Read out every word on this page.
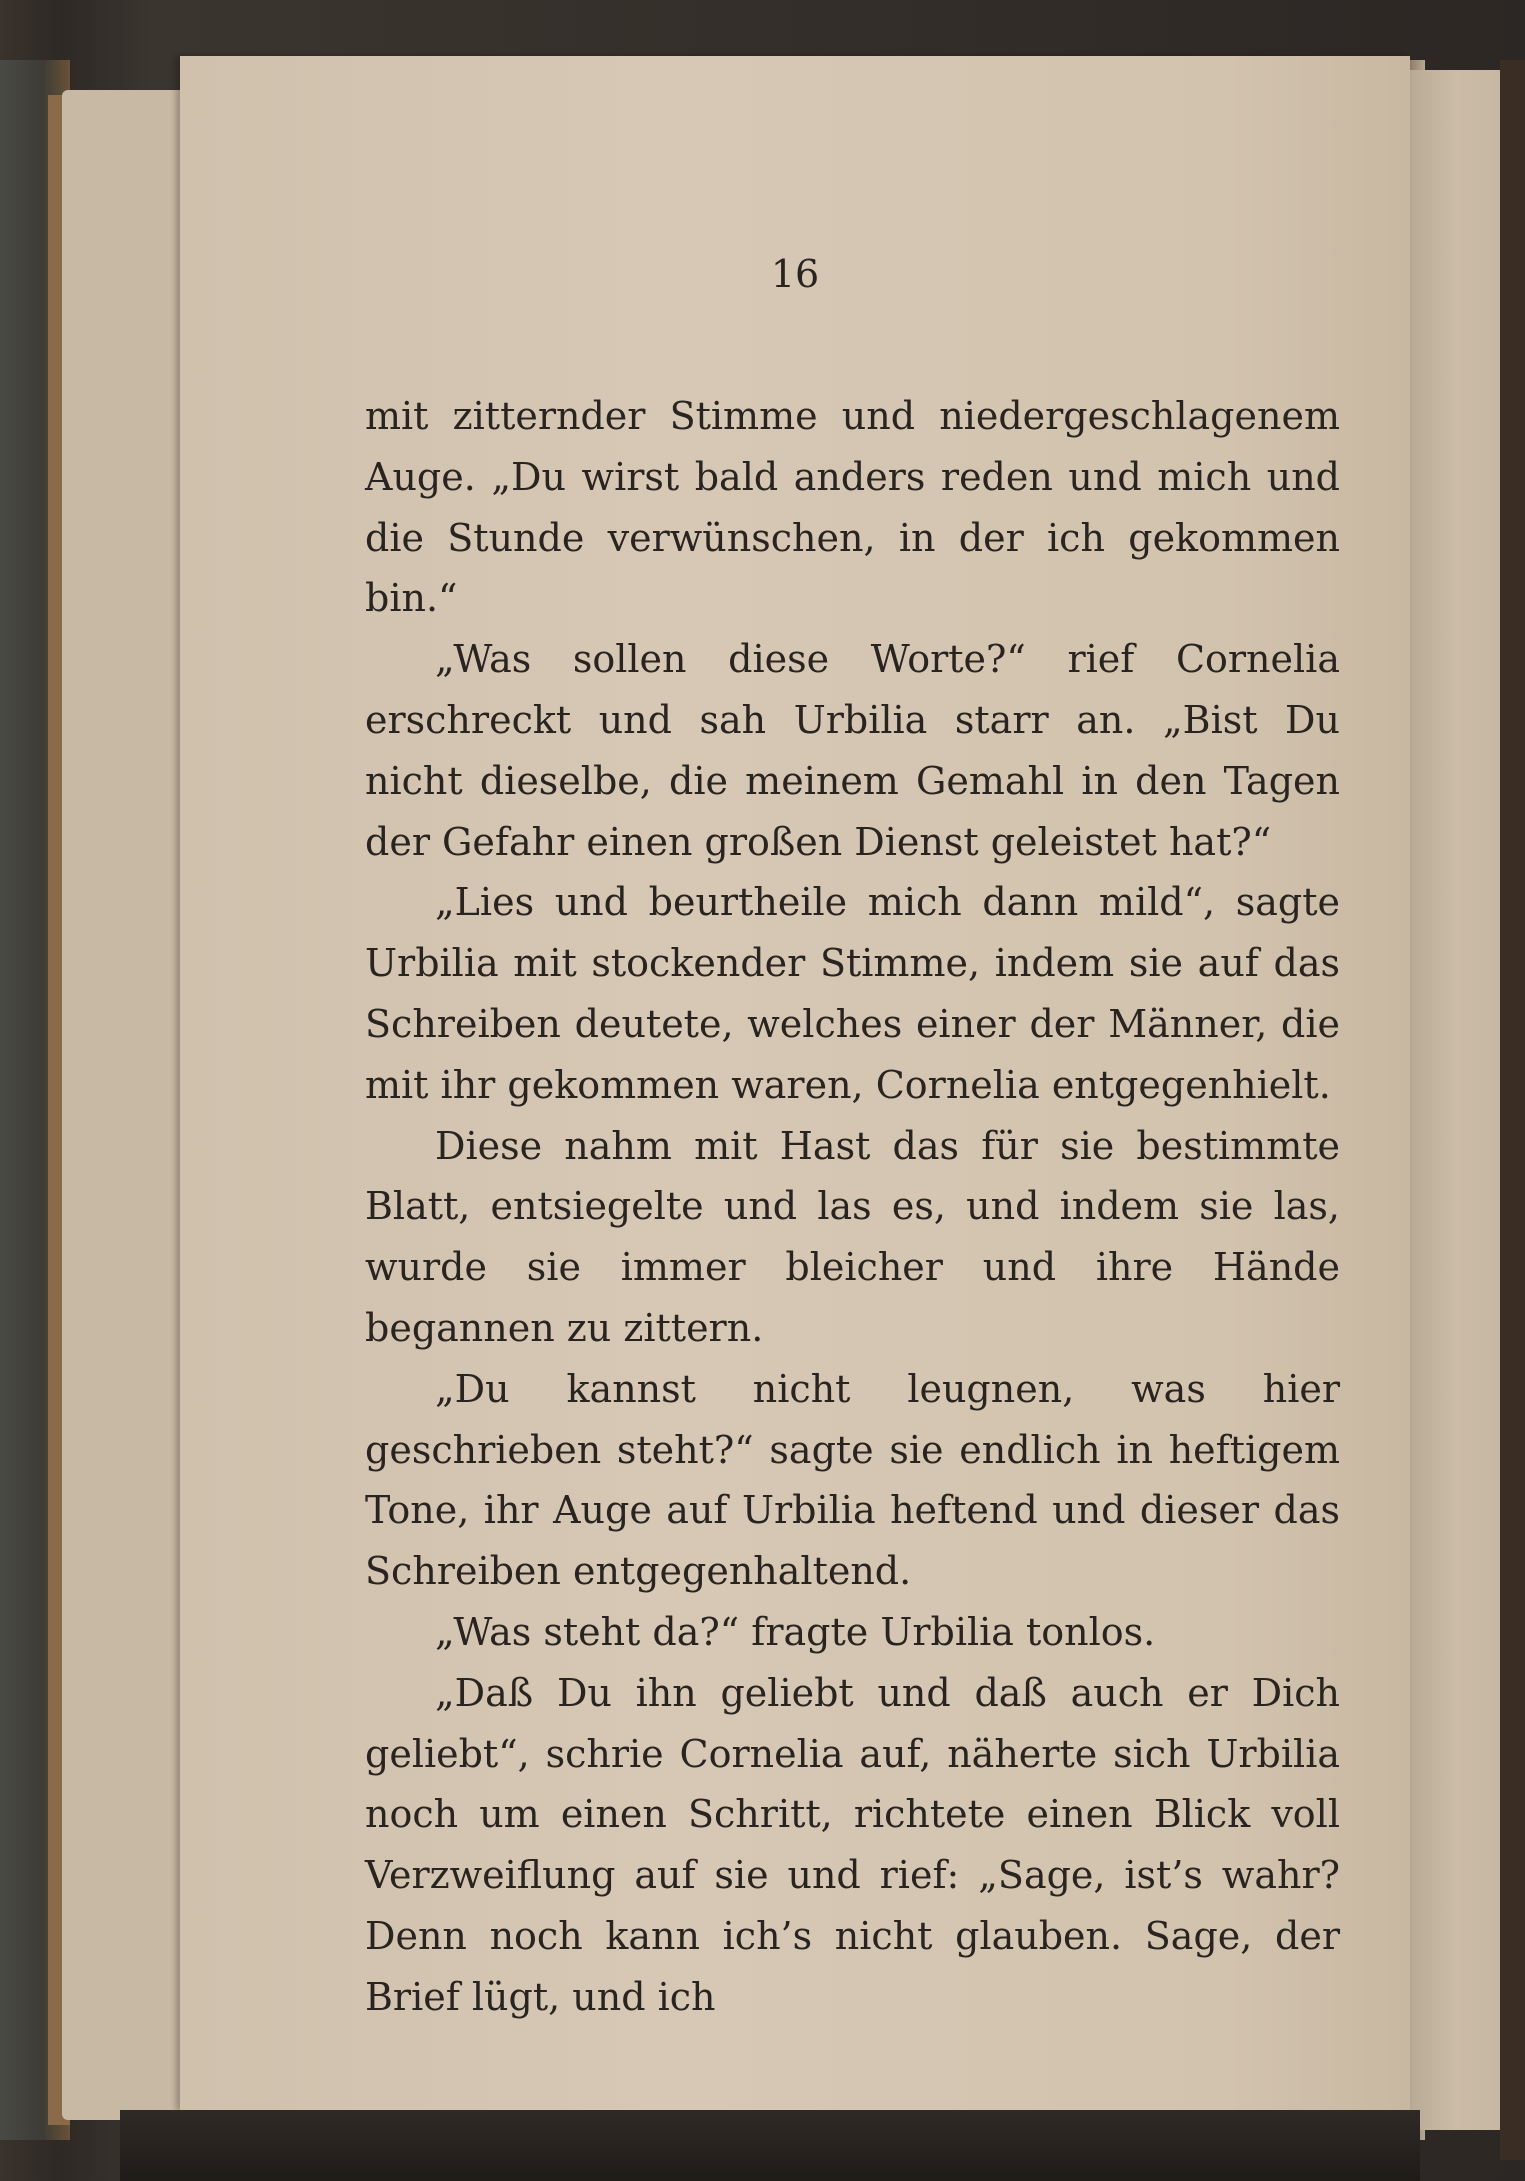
16

mit zitternder Stimme und niedergeschlagenem Auge. „Du wirst bald anders reden und mich und die Stunde verwünschen, in der ich gekommen bin.“

„Was sollen diese Worte?“ rief Cornelia erschreckt und sah Urbilia starr an. „Bist Du nicht dieselbe, die meinem Gemahl in den Tagen der Gefahr einen großen Dienst geleistet hat?“

„Lies und beurtheile mich dann mild“, sagte Urbilia mit stockender Stimme, indem sie auf das Schreiben deutete, welches einer der Männer, die mit ihr gekommen waren, Cornelia entgegenhielt.

Diese nahm mit Hast das für sie bestimmte Blatt, entsiegelte und las es, und indem sie las, wurde sie immer bleicher und ihre Hände begannen zu zittern.

„Du kannst nicht leugnen, was hier geschrieben steht?“ sagte sie endlich in heftigem Tone, ihr Auge auf Urbilia heftend und dieser das Schreiben entgegenhaltend.

„Was steht da?“ fragte Urbilia tonlos.

„Daß Du ihn geliebt und daß auch er Dich geliebt“, schrie Cornelia auf, näherte sich Urbilia noch um einen Schritt, richtete einen Blick voll Verzweiflung auf sie und rief: „Sage, ist’s wahr? Denn noch kann ich’s nicht glauben. Sage, der Brief lügt, und ich
